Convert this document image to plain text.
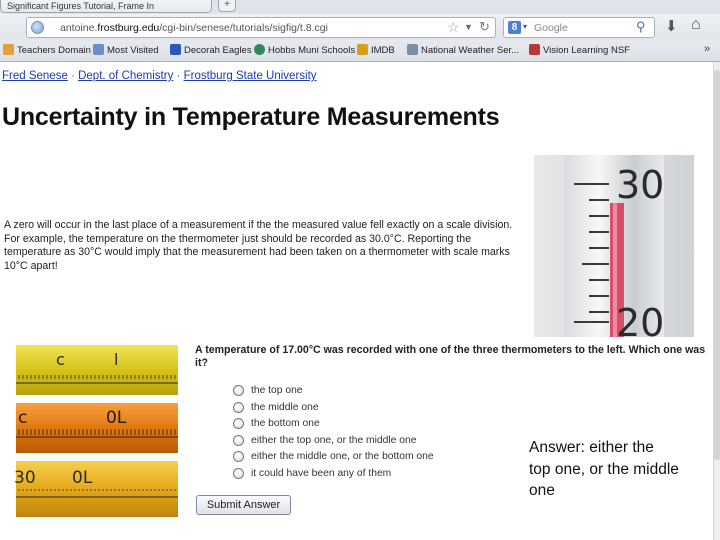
Significant Figures Tutorial, Frame In	+
antoine.frostburg.edu/cgi-bin/senese/tutorials/sigfig/t.8.cgi	☆ ▼ ↻	8 ▾ Google	⚲ ⬇ ⌂
Teachers Domain	Most Visited	Decorah Eagles	Hobbs Muni Schools	IMDB	National Weather Ser...	Vision Learning NSF	»
Fred Senese · Dept. of Chemistry · Frostburg State University
Uncertainty in Temperature Measurements

A zero will occur in the last place of a measurement if the the measured value fell exactly on a scale division. For example, the temperature on the thermometer just should be recorded as 30.0°C. Reporting the temperature as 30°C would imply that the measurement had been taken on a thermometer with scale marks 10°C apart!

30
20
ⅽ	ⅼ
ⅽ	0Ⅼ
30 0Ⅼ

A temperature of 17.00°C was recorded with one of the three thermometers to the left. Which one was it?

the top one
the middle one
the bottom one
either the top one, or the middle one
either the middle one, or the bottom one
it could have been any of them
Submit Answer
Answer: either the top one, or the middle one
